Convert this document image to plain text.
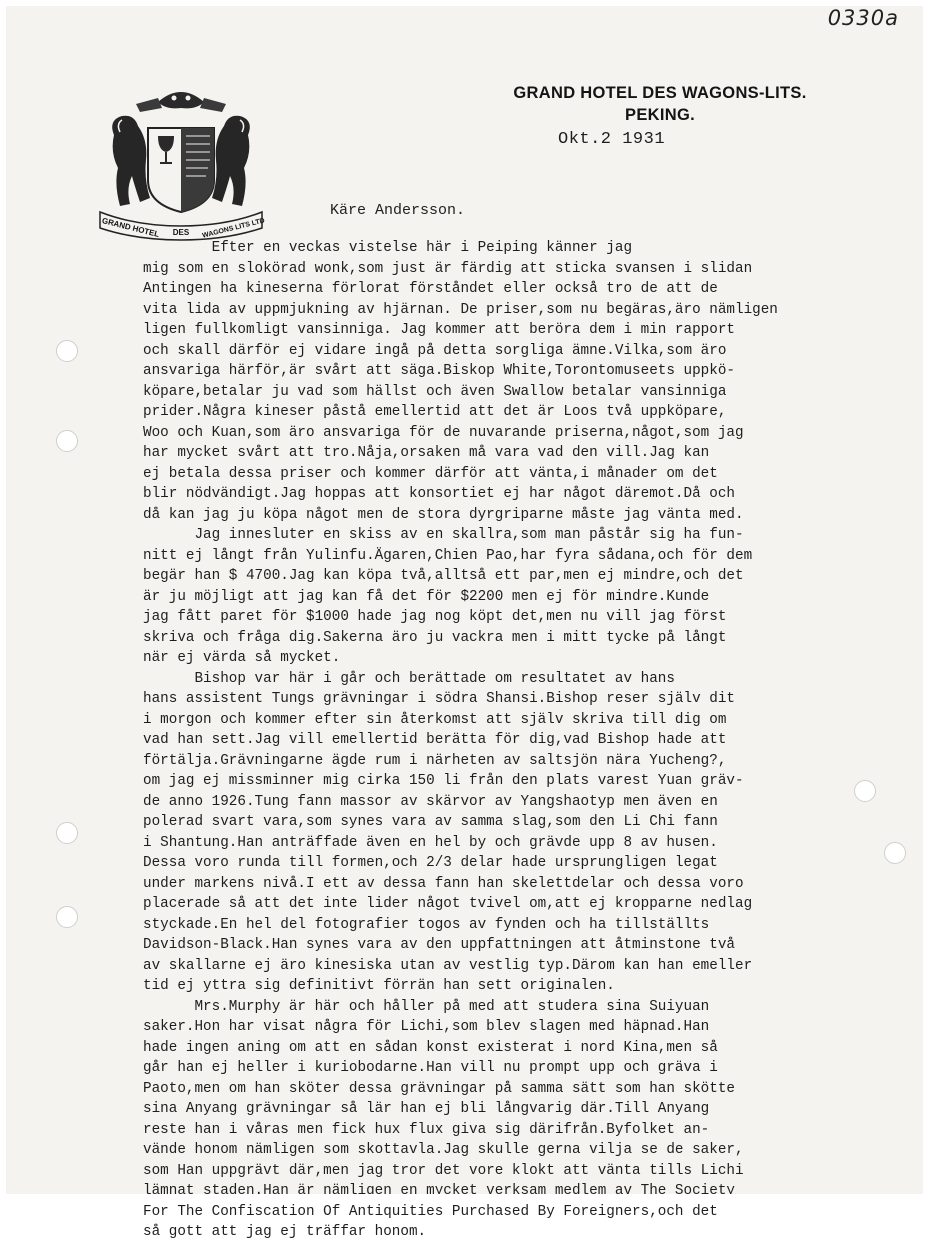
0330a
GRAND HOTEL DES WAGONS LITS LTD
GRAND HOTEL DES WAGONS-LITS.
PEKING.
Okt.2 1931
Käre Andersson.
Efter en veckas vistelse här i Peiping känner jag
mig som en slokörad wonk,som just är färdig att sticka svansen i slidan
Antingen ha kineserna förlorat förståndet eller också tro de att de
vita lida av uppmjukning av hjärnan. De priser,som nu begäras,äro nämligen
ligen fullkomligt vansinniga. Jag kommer att beröra dem i min rapport
och skall därför ej vidare ingå på detta sorgliga ämne.Vilka,som äro
ansvariga härför,är svårt att säga.Biskop White,Torontomuseets uppkö-
köpare,betalar ju vad som hällst och även Swallow betalar vansinniga
prider.Några kineser påstå emellertid att det är Loos två uppköpare,
Woo och Kuan,som äro ansvariga för de nuvarande priserna,något,som jag
har mycket svårt att tro.Nåja,orsaken må vara vad den vill.Jag kan
ej betala dessa priser och kommer därför att vänta,i månader om det
blir nödvändigt.Jag hoppas att konsortiet ej har något däremot.Då och
då kan jag ju köpa något men de stora dyrgriparne måste jag vänta med.
Jag innesluter en skiss av en skallra,som man påstår sig ha fun-
nitt ej långt från Yulinfu.Ägaren,Chien Pao,har fyra sådana,och för dem
begär han $ 4700.Jag kan köpa två,alltså ett par,men ej mindre,och det
är ju möjligt att jag kan få det för $2200 men ej för mindre.Kunde
jag fått paret för $1000 hade jag nog köpt det,men nu vill jag först
skriva och fråga dig.Sakerna äro ju vackra men i mitt tycke på långt
när ej värda så mycket.
Bishop var här i går och berättade om resultatet av hans
hans assistent Tungs grävningar i södra Shansi.Bishop reser själv dit
i morgon och kommer efter sin återkomst att själv skriva till dig om
vad han sett.Jag vill emellertid berätta för dig,vad Bishop hade att
förtälja.Grävningarne ägde rum i närheten av saltsjön nära Yucheng?,
om jag ej missminner mig cirka 150 li från den plats varest Yuan gräv-
de anno 1926.Tung fann massor av skärvor av Yangshaotyp men även en
polerad svart vara,som synes vara av samma slag,som den Li Chi fann
i Shantung.Han anträffade även en hel by och grävde upp 8 av husen.
Dessa voro runda till formen,och 2/3 delar hade ursprungligen legat
under markens nivå.I ett av dessa fann han skelettdelar och dessa voro
placerade så att det inte lider något tvivel om,att ej kropparne nedlag
styckade.En hel del fotografier togos av fynden och ha tillställts
Davidson-Black.Han synes vara av den uppfattningen att åtminstone två
av skallarne ej äro kinesiska utan av vestlig typ.Därom kan han emeller
tid ej yttra sig definitivt förrän han sett originalen.
Mrs.Murphy är här och håller på med att studera sina Suiyuan
saker.Hon har visat några för Lichi,som blev slagen med häpnad.Han
hade ingen aning om att en sådan konst existerat i nord Kina,men så
går han ej heller i kuriobodarne.Han vill nu prompt upp och gräva i
Paoto,men om han sköter dessa grävningar på samma sätt som han skötte
sina Anyang grävningar så lär han ej bli långvarig där.Till Anyang
reste han i våras men fick hux flux giva sig därifrån.Byfolket an-
vände honom nämligen som skottavla.Jag skulle gerna vilja se de saker,
som Han uppgrävt där,men jag tror det vore klokt att vänta tills Lichi
lämnat staden.Han är nämligen en mycket verksam medlem av The Society
For The Confiscation Of Antiquities Purchased By Foreigners,och det
så gott att jag ej träffar honom.
